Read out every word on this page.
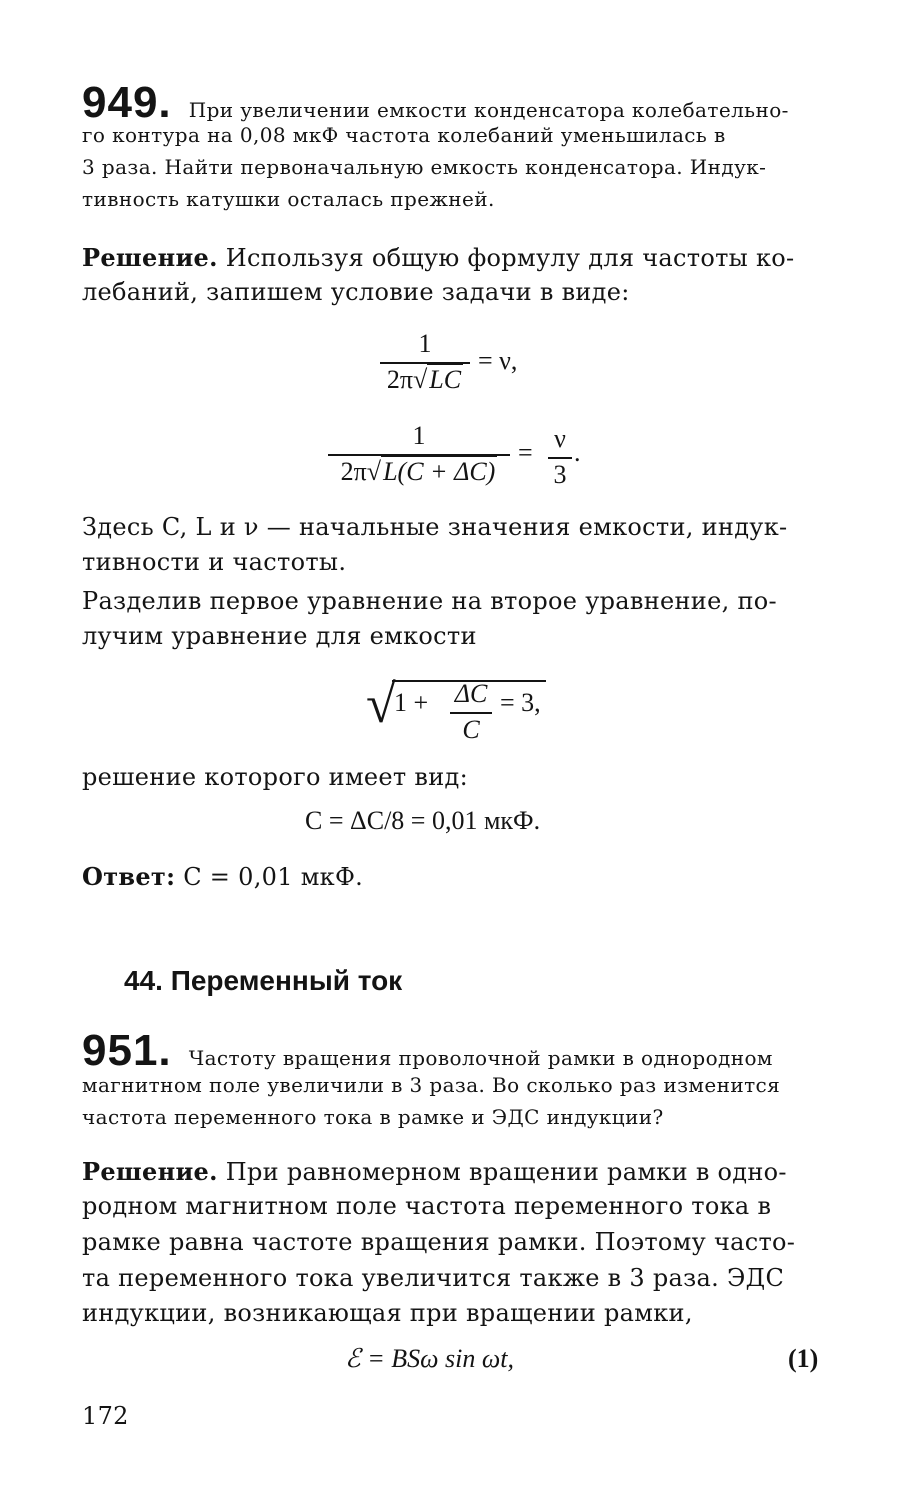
949. При увеличении емкости конденсатора колебательно-
го контура на 0,08 мкФ частота колебаний уменьшилась в
3 раза. Найти первоначальную емкость конденсатора. Индук-
тивность катушки осталась прежней.
Решение. Используя общую формулу для частоты ко-
лебаний, запишем условие задачи в виде:
1
2π√LC
= ν,
1
2π√L(C + ΔC)
= ν
3
.
Здесь C, L и ν — начальные значения емкости, индук-
тивности и частоты.
Разделив первое уравнение на второе уравнение, по-
лучим уравнение для емкости
√
1 + ΔC
C
= 3,
решение которого имеет вид:
C = ΔC/8 = 0,01 мкФ.
Ответ: C = 0,01 мкФ.
44. Переменный ток
951. Частоту вращения проволочной рамки в однородном
магнитном поле увеличили в 3 раза. Во сколько раз изменится
частота переменного тока в рамке и ЭДС индукции?
Решение. При равномерном вращении рамки в одно-
родном магнитном поле частота переменного тока в
рамке равна частоте вращения рамки. Поэтому часто-
та переменного тока увеличится также в 3 раза. ЭДС
индукции, возникающая при вращении рамки,
ℰ = BSω sin ωt,	(1)
172
